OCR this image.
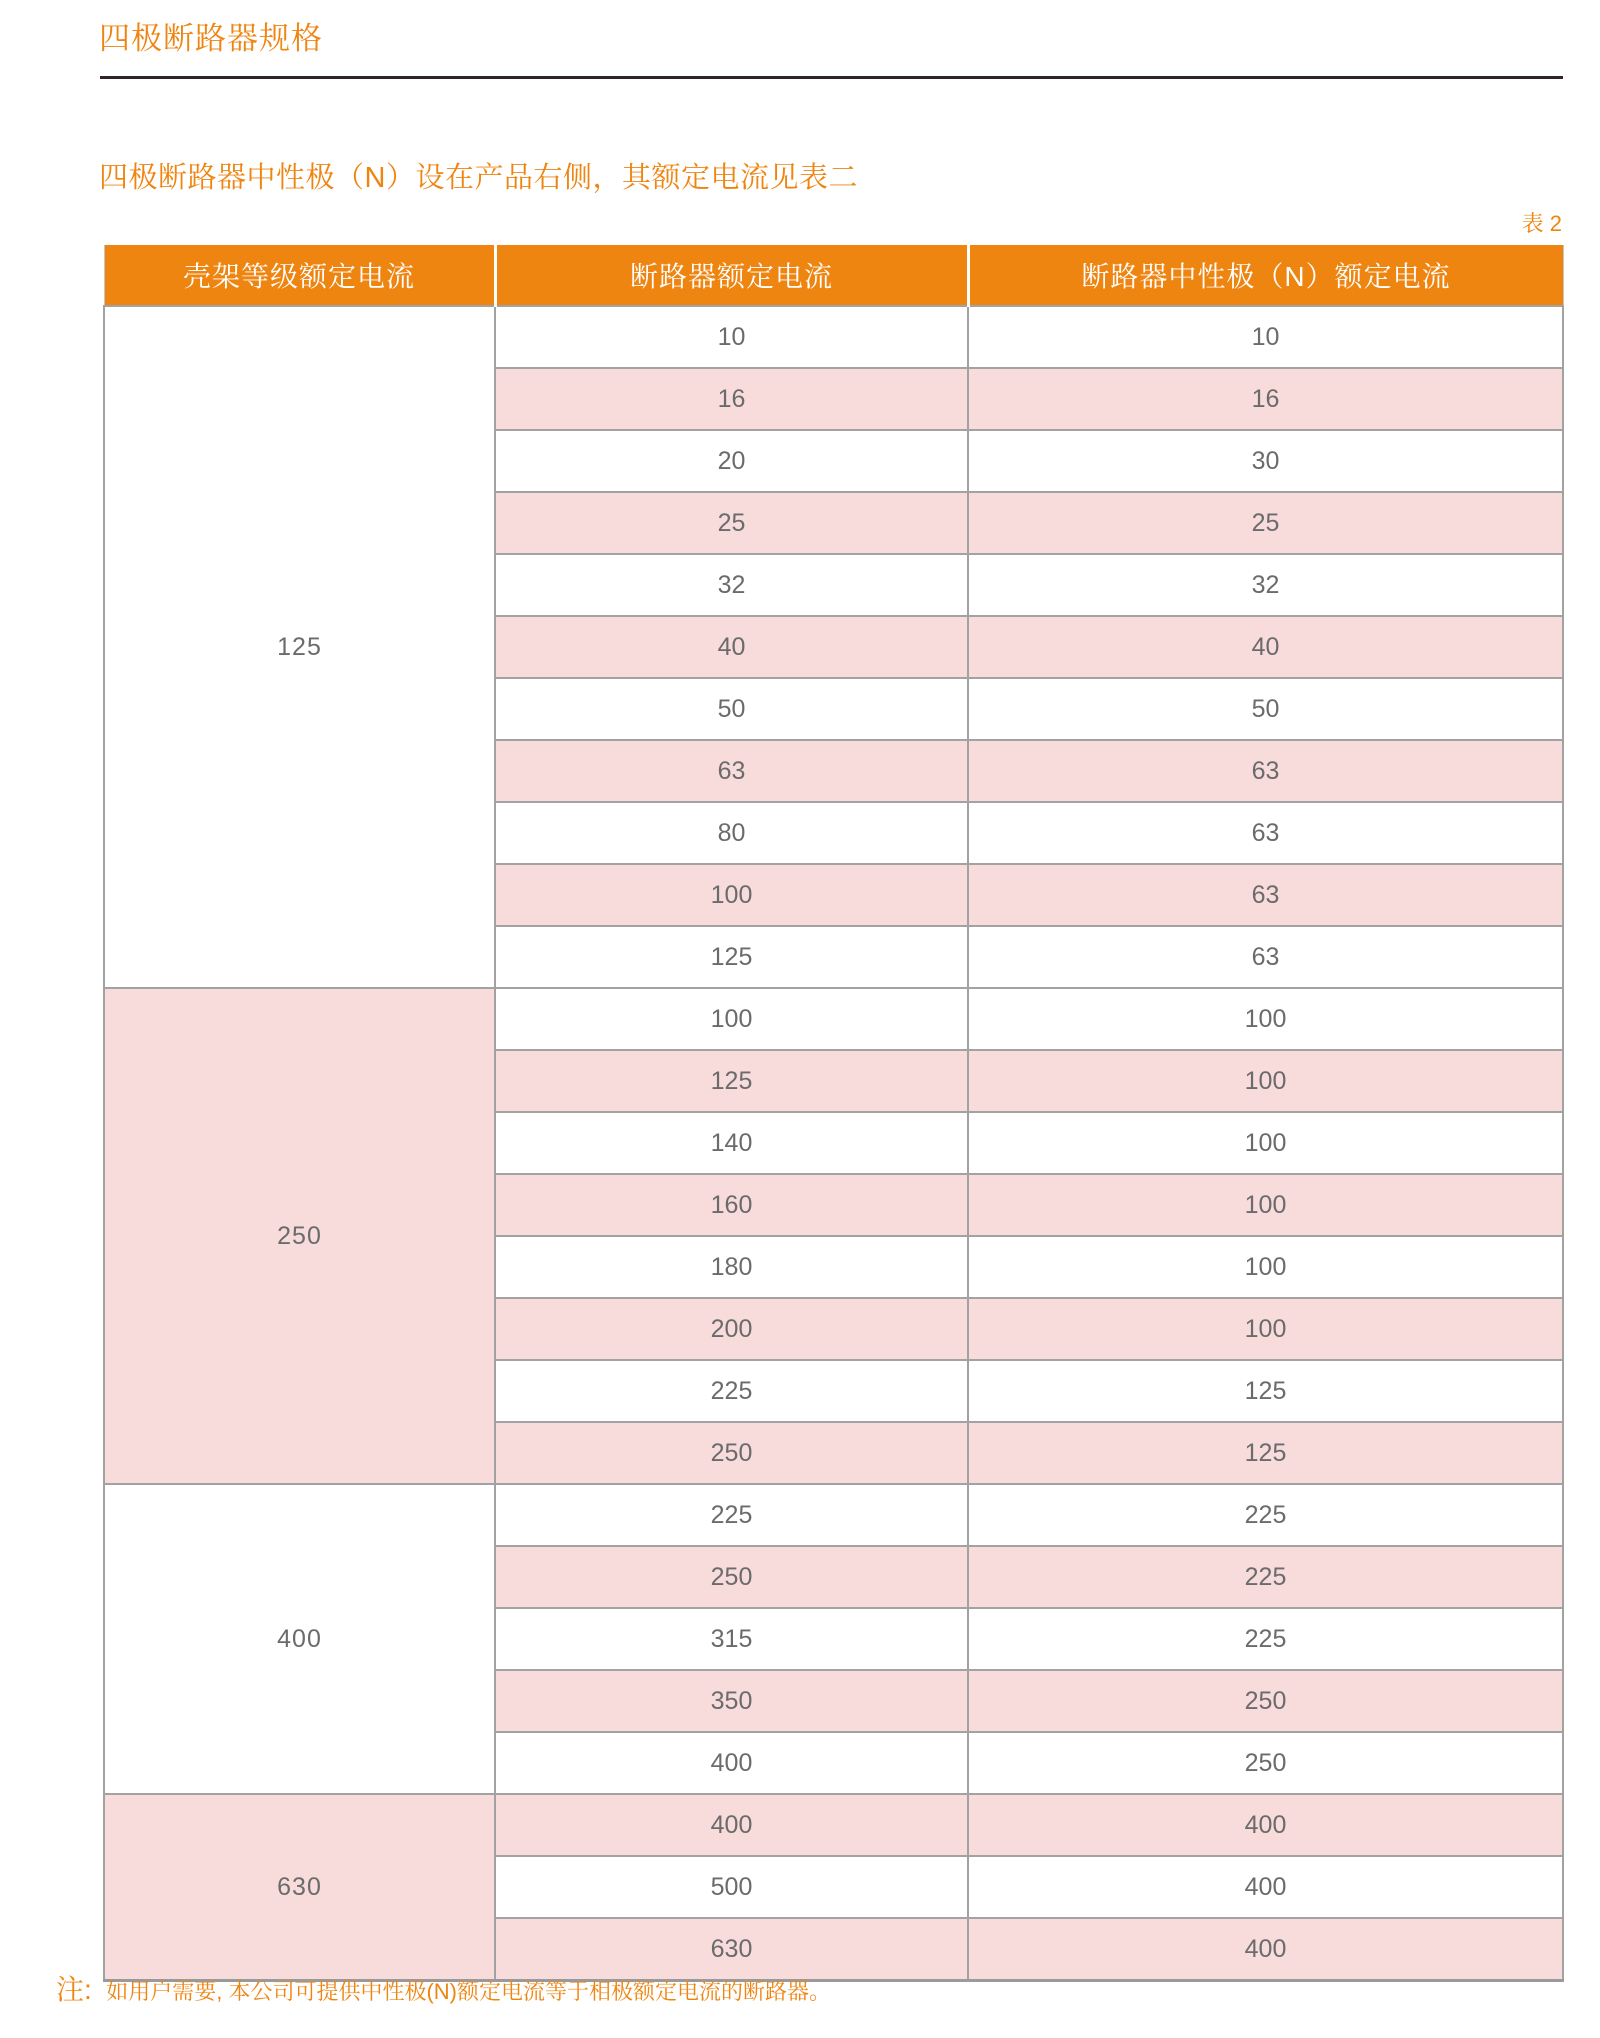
四极断路器规格

四极断路器中性极（N）设在产品右侧，其额定电流见表二

表 2
壳架等级额定电流	断路器额定电流	断路器中性极（N）额定电流
125	10	10
	16	16
	20	30
	25	25
	32	32
	40	40
	50	50
	63	63
	80	63
	100	63
	125	63
250	100	100
	125	100
	140	100
	160	100
	180	100
	200	100
	225	125
	250	125
400	225	225
	250	225
	315	225
	350	250
	400	250
630	400	400
	500	400
	630	400

注: 如用户需要, 本公司可提供中性极(N)额定电流等于相极额定电流的断路器。
